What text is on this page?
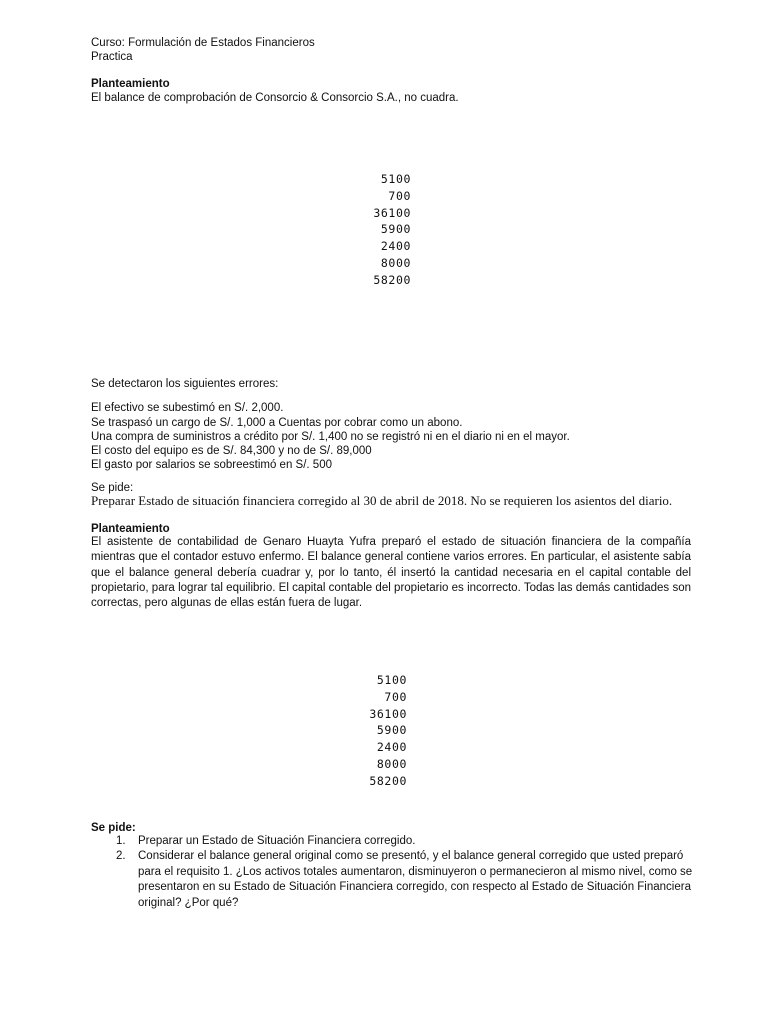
Curso: Formulación de Estados Financieros
Practica
Planteamiento
El balance de comprobación de Consorcio & Consorcio S.A., no cuadra.
5100
700
36100
5900
2400
8000
58200
Se detectaron los siguientes errores:
El efectivo se subestimó en S/. 2,000.
Se traspasó un cargo de S/. 1,000 a Cuentas por cobrar como un abono.
Una compra de suministros a crédito por S/. 1,400 no se registró ni en el diario ni en el mayor.
El costo del equipo es de S/. 84,300 y no de S/. 89,000
El gasto por salarios se sobreestimó en S/. 500
Se pide:
Preparar Estado de situación financiera corregido al 30 de abril de 2018. No se requieren los asientos del diario.
Planteamiento
El asistente de contabilidad de Genaro Huayta Yufra preparó el estado de situación financiera de la compañía mientras que el contador estuvo enfermo. El balance general contiene varios errores. En particular, el asistente sabía que el balance general debería cuadrar y, por lo tanto, él insertó la cantidad necesaria en el capital contable del propietario, para lograr tal equilibrio. El capital contable del propietario es incorrecto. Todas las demás cantidades son correctas, pero algunas de ellas están fuera de lugar.
5100
700
36100
5900
2400
8000
58200
Se pide:
1. Preparar un Estado de Situación Financiera corregido.
2. Considerar el balance general original como se presentó, y el balance general corregido que usted preparó para el requisito 1. ¿Los activos totales aumentaron, disminuyeron o permanecieron al mismo nivel, como se presentaron en su Estado de Situación Financiera corregido, con respecto al Estado de Situación Financiera original? ¿Por qué?
